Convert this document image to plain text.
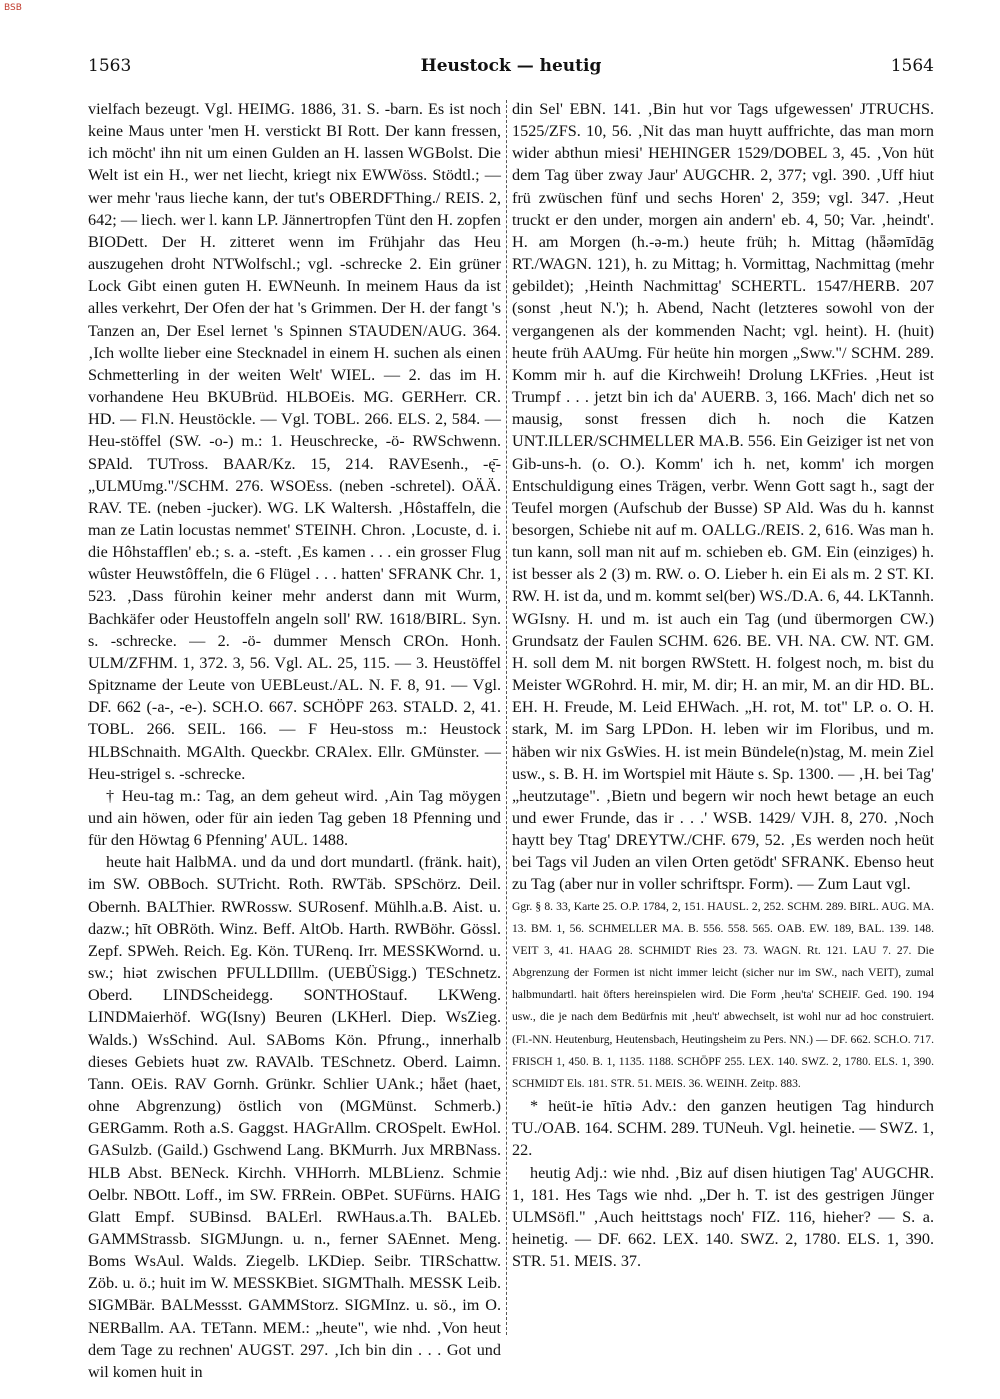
BSB
1563	Heustock — heutig	1564

vielfach bezeugt. Vgl. HEIMG. 1886, 31. S. -barn. Es ist noch keine Maus unter 'men H. verstickt BI Rott. Der kann fressen, ich möcht' ihn nit um einen Gulden an H. lassen WGBolst. Die Welt ist ein H., wer net liecht, kriegt nix EWWöss. Stödtl.; — wer mehr 'raus lieche kann, der tut's OBERDFThing./ REIS. 2, 642; — liech. wer l. kann LP. Jännertropfen Tünt den H. zopfen BIODett. Der H. zitteret wenn im Frühjahr das Heu auszugehen droht NTWolfschl.; vgl. -schrecke 2. Ein grüner Lock Gibt einen guten H. EWNeunh. In meinem Haus da ist alles verkehrt, Der Ofen der hat 's Grimmen. Der H. der fangt 's Tanzen an, Der Esel lernet 's Spinnen STAUDEN/AUG. 364. ‚Ich wollte lieber eine Stecknadel in einem H. suchen als einen Schmetterling in der weiten Welt' WIEL. — 2. das im H. vorhandene Heu BKUBrüd. HLBOEis. MG. GERHerr. CR. HD. — Fl.N. Heustöckle. — Vgl. TOBL. 266. ELS. 2, 584. — Heu-stöffel (SW. -o-) m.: 1. Heuschrecke, -ö- RWSchwenn. SPAld. TUTross. BAAR/Kz. 15, 214. RAVEsenh., -ę̄- „ULMUmg."/SCHM. 276. WSOEss. (neben -schretel). OÄÄ. RAV. TE. (neben -jucker). WG. LK Waltersh. ‚Hôstaffeln, die man ze Latin locustas nemmet' STEINH. Chron. ‚Locuste, d. i. die Hôhstafflen' eb.; s. a. -steft. ‚Es kamen . . . ein grosser Flug wûster Heuwstôffeln, die 6 Flügel . . . hatten' SFRANK Chr. 1, 523. ‚Dass fürohin keiner mehr anderst dann mit Wurm, Bachkäfer oder Heustoffeln angeln soll' RW. 1618/BIRL. Syn. s. -schrecke. — 2. -ö- dummer Mensch CROn. Honh. ULM/ZFHM. 1, 372. 3, 56. Vgl. AL. 25, 115. — 3. Heustöffel Spitzname der Leute von UEBLeust./AL. N. F. 8, 91. — Vgl. DF. 662 (-a-, -e-). SCH.O. 667. SCHÖPF 263. STALD. 2, 41. TOBL. 266. SEIL. 166. — F Heu-stoss m.: Heustock HLBSchnaith. MGAlth. Queckbr. CRAlex. Ellr. GMünster. — Heu-strigel s. -schrecke.

† Heu-tag m.: Tag, an dem geheut wird. ‚Ain Tag möygen und ain höwen, oder für ain ieden Tag geben 18 Pfenning und für den Höwtag 6 Pfenning' AUL. 1488.

heute hait HalbMA. und da und dort mundartl. (fränk. hait), im SW. OBBoch. SUTricht. Roth. RWTäb. SPSchörz. Deil. Obernh. BALThier. RWRossw. SURosenf. Mühlh.a.B. Aist. u. dazw.; hīt OBRöth. Winz. Beff. AltOb. Harth. RWBöhr. Gössl. Zepf. SPWeh. Reich. Eg. Kön. TURenq. Irr. MESSKWornd. u. sw.; hiət zwischen PFULLDIllm. (UEBÜSigg.) TESchnetz. Oberd. LINDScheidegg. SONTHOStauf. LKWeng. LINDMaierhöf. WG(Isny) Beuren (LKHerl. Diep. WsZieg. Walds.) WsSchind. Aul. SABoms Kön. Pfrung., innerhalb dieses Gebiets huət zw. RAVAlb. TESchnetz. Oberd. Laimn. Tann. OEis. RAV Gornh. Grünkr. Schlier UAnk.; hǟet (haet, ohne Abgrenzung) östlich von (MGMünst. Schmerb.) GERGamm. Roth a.S. Gaggst. HAGrAllm. CROSpelt. EwHol. GASulzb. (Gaild.) Gschwend Lang. BKMurrh. Jux MRBNass. HLB Abst. BENeck. Kirchh. VHHorrh. MLBLienz. Schmie Oelbr. NBOtt. Loff., im SW. FRRein. OBPet. SUFürns. HAIG Glatt Empf. SUBinsd. BALErl. RWHaus.a.Th. BALEb. GAMMStrassb. SIGMJungn. u. n., ferner SAEnnet. Meng. Boms WsAul. Walds. Ziegelb. LKDiep. Seibr. TIRSchattw. Zöb. u. ö.; huit im W. MESSKBiet. SIGMThalh. MESSK Leib. SIGMBär. BALMessst. GAMMStorz. SIGMInz. u. sö., im O. NERBallm. AA. TETann. MEM.: „heute", wie nhd. ‚Von heut dem Tage zu rechnen' AUGST. 297. ‚Ich bin din . . . Got und wil komen huit in

din Sel' EBN. 141. ‚Bin hut vor Tags ufgewessen' JTRUCHS. 1525/ZFS. 10, 56. ‚Nit das man huytt auffrichte, das man morn wider abthun miesi' HEHINGER 1529/DOBEL 3, 45. ‚Von hüt dem Tag über zway Jaur' AUGCHR. 2, 377; vgl. 390. ‚Uff hiut frü zwüschen fünf und sechs Horen' 2, 359; vgl. 347. ‚Heut truckt er den under, morgen ain andern' eb. 4, 50; Var. ‚heindt'. H. am Morgen (h.-ə-m.) heute früh; h. Mittag (hǟəmīdāg RT./WAGN. 121), h. zu Mittag; h. Vormittag, Nachmittag (mehr gebildet); ‚Heinth Nachmittag' SCHERTL. 1547/HERB. 207 (sonst ‚heut N.'); h. Abend, Nacht (letzteres sowohl von der vergangenen als der kommenden Nacht; vgl. heint). H. (huit) heute früh AAUmg. Für heüte hin morgen „Sww."/ SCHM. 289. Komm mir h. auf die Kirchweih! Drolung LKFries. ‚Heut ist Trumpf . . . jetzt bin ich da' AUERB. 3, 166. Mach' dich net so mausig, sonst fressen dich h. noch die Katzen UNT.ILLER/SCHMELLER MA.B. 556. Ein Geiziger ist net von Gib-uns-h. (o. O.). Komm' ich h. net, komm' ich morgen Entschuldigung eines Trägen, verbr. Wenn Gott sagt h., sagt der Teufel morgen (Aufschub der Busse) SP Ald. Was du h. kannst besorgen, Schiebe nit auf m. OALLG./REIS. 2, 616. Was man h. tun kann, soll man nit auf m. schieben eb. GM. Ein (einziges) h. ist besser als 2 (3) m. RW. o. O. Lieber h. ein Ei als m. 2 ST. KI. RW. H. ist da, und m. kommt sel(ber) WS./D.A. 6, 44. LKTannh. WGIsny. H. und m. ist auch ein Tag (und übermorgen CW.) Grundsatz der Faulen SCHM. 626. BE. VH. NA. CW. NT. GM. H. soll dem M. nit borgen RWStett. H. folgest noch, m. bist du Meister WGRohrd. H. mir, M. dir; H. an mir, M. an dir HD. BL. EH. H. Freude, M. Leid EHWach. „H. rot, M. tot" LP. o. O. H. stark, M. im Sarg LPDon. H. leben wir im Floribus, und m. häben wir nix GsWies. H. ist mein Bündele(n)stag, M. mein Ziel usw., s. B. H. im Wortspiel mit Häute s. Sp. 1300. — ‚H. bei Tag' „heutzutage". ‚Bietn und begern wir noch hewt betage an euch und ewer Frunde, das ir . . .' WSB. 1429/ VJH. 8, 270. ‚Noch haytt bey Ttag' DREYTW./CHF. 679, 52. ‚Es werden noch heüt bei Tags vil Juden an vilen Orten getödt' SFRANK. Ebenso heut zu Tag (aber nur in voller schriftspr. Form). — Zum Laut vgl.

Ggr. § 8. 33, Karte 25. O.P. 1784, 2, 151. HAUSL. 2, 252. SCHM. 289. BIRL. AUG. MA. 13. BM. 1, 56. SCHMELLER MA. B. 556. 558. 565. OAB. EW. 189, BAL. 139. 148. VEIT 3, 41. HAAG 28. SCHMIDT Ries 23. 73. WAGN. Rt. 121. LAU 7. 27. Die Abgrenzung der Formen ist nicht immer leicht (sicher nur im SW., nach VEIT), zumal halbmundartl. hait öfters hereinspielen wird. Die Form ‚heu'ta' SCHEIF. Ged. 190. 194 usw., die je nach dem Bedürfnis mit ‚heu't' abwechselt, ist wohl nur ad hoc construiert. (Fl.-NN. Heutenburg, Heutensbach, Heutingsheim zu Pers. NN.) — DF. 662. SCH.O. 717. FRISCH 1, 450. B. 1, 1135. 1188. SCHÖPF 255. LEX. 140. SWZ. 2, 1780. ELS. 1, 390. SCHMIDT Els. 181. STR. 51. MEIS. 36. WEINH. Zeitp. 883.

* heüt-ie hītiə Adv.: den ganzen heutigen Tag hindurch TU./OAB. 164. SCHM. 289. TUNeuh. Vgl. heinetie. — SWZ. 1, 22.

heutig Adj.: wie nhd. ‚Biz auf disen hiutigen Tag' AUGCHR. 1, 181. Hes Tags wie nhd. „Der h. T. ist des gestrigen Jünger ULMSöfl." ‚Auch heittstags noch' FIZ. 116, hieher? — S. a. heinetig. — DF. 662. LEX. 140. SWZ. 2, 1780. ELS. 1, 390. STR. 51. MEIS. 37.
